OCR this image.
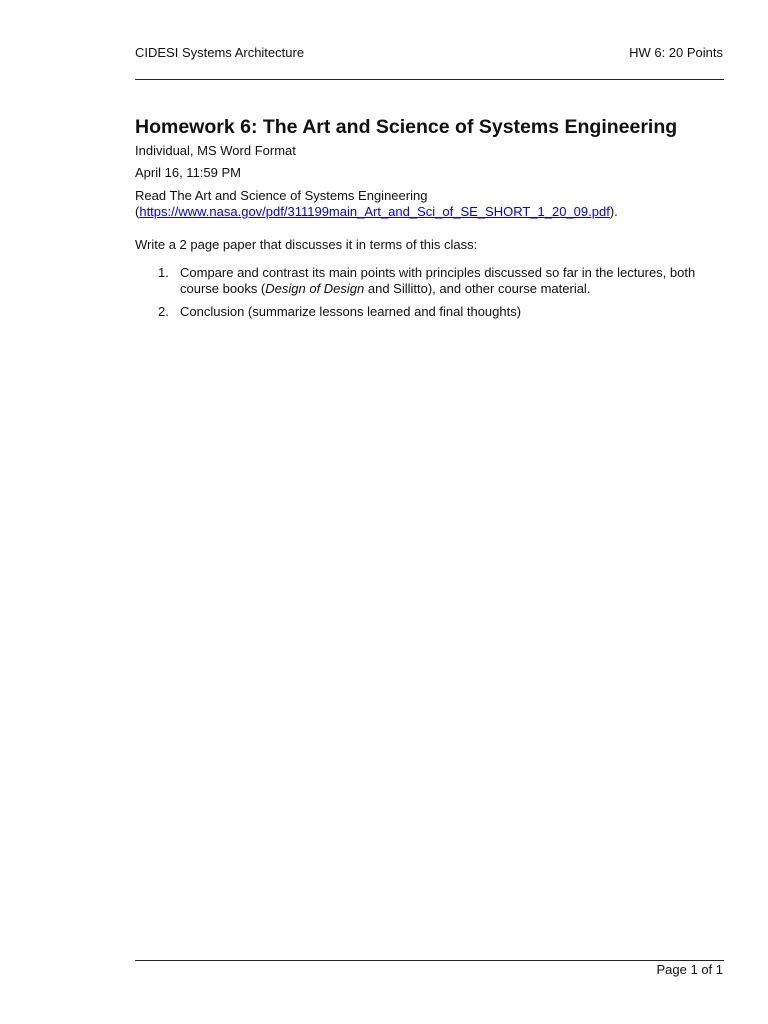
CIDESI Systems Architecture	HW 6: 20 Points
Homework 6: The Art and Science of Systems Engineering
Individual, MS Word Format
April 16, 11:59 PM
Read The Art and Science of Systems Engineering
(https://www.nasa.gov/pdf/311199main_Art_and_Sci_of_SE_SHORT_1_20_09.pdf).
Write a 2 page paper that discusses it in terms of this class:
1. Compare and contrast its main points with principles discussed so far in the lectures, both course books (Design of Design and Sillitto), and other course material.
2. Conclusion (summarize lessons learned and final thoughts)
Page 1 of 1
